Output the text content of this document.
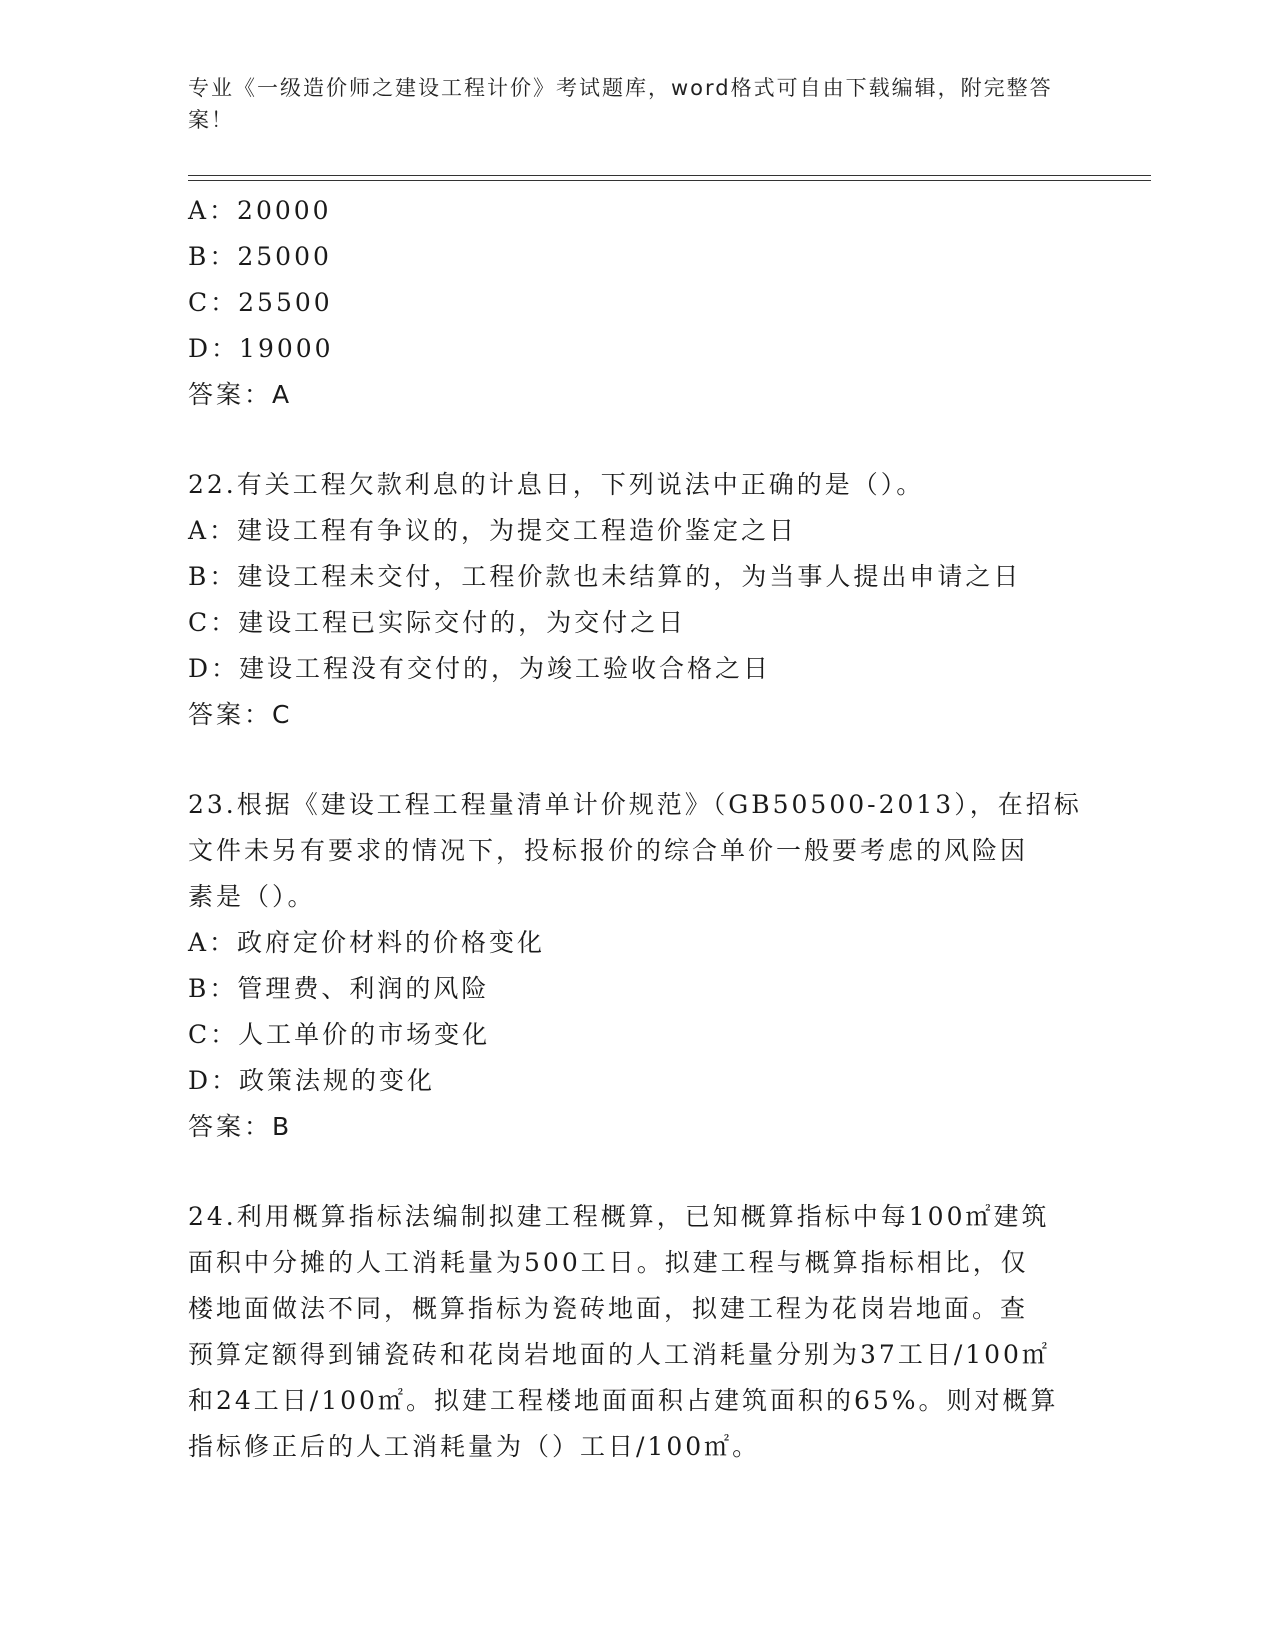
专业《一级造价师之建设工程计价》考试题库，word格式可自由下载编辑，附完整答案！
A：20000
B：25000
C：25500
D：19000
答案：A
22.有关工程欠款利息的计息日，下列说法中正确的是（）。
A：建设工程有争议的，为提交工程造价鉴定之日
B：建设工程未交付，工程价款也未结算的，为当事人提出申请之日
C：建设工程已实际交付的，为交付之日
D：建设工程没有交付的，为竣工验收合格之日
答案：C
23.根据《建设工程工程量清单计价规范》（GB50500-2013），在招标
文件未另有要求的情况下，投标报价的综合单价一般要考虑的风险因
素是（）。
A：政府定价材料的价格变化
B：管理费、利润的风险
C：人工单价的市场变化
D：政策法规的变化
答案：B
24.利用概算指标法编制拟建工程概算，已知概算指标中每100㎡建筑
面积中分摊的人工消耗量为500工日。拟建工程与概算指标相比，仅
楼地面做法不同，概算指标为瓷砖地面，拟建工程为花岗岩地面。查
预算定额得到铺瓷砖和花岗岩地面的人工消耗量分别为37工日/100㎡
和24工日/100㎡。拟建工程楼地面面积占建筑面积的65%。则对概算
指标修正后的人工消耗量为（）工日/100㎡。
